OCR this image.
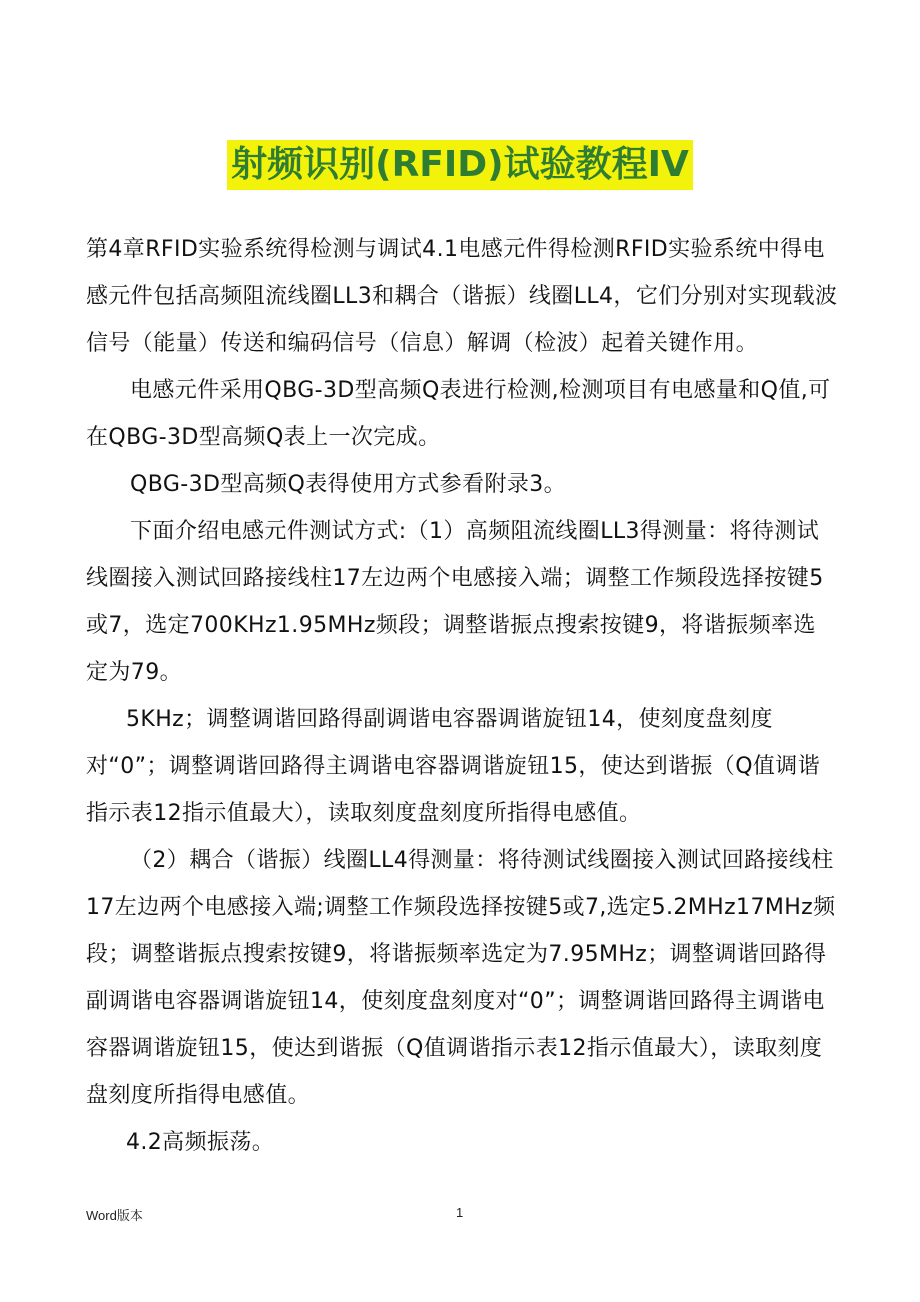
射频识别(RFID)试验教程IV

第4章RFID实验系统得检测与调试4.1电感元件得检测RFID实验系统中得电感元件包括高频阻流线圈LL3和耦合（谐振）线圈LL4，它们分别对实现载波信号（能量）传送和编码信号（信息）解调（检波）起着关键作用。

电感元件采用QBG-3D型高频Q表进行检测,检测项目有电感量和Q值,可在QBG-3D型高频Q表上一次完成。

QBG-3D型高频Q表得使用方式参看附录3。

下面介绍电感元件测试方式:（1）高频阻流线圈LL3得测量：将待测试线圈接入测试回路接线柱17左边两个电感接入端；调整工作频段选择按键5或7，选定700KHz1.95MHz频段；调整谐振点搜索按键9，将谐振频率选定为79。

5KHz；调整调谐回路得副调谐电容器调谐旋钮14，使刻度盘刻度对“0”；调整调谐回路得主调谐电容器调谐旋钮15，使达到谐振（Q值调谐指示表12指示值最大），读取刻度盘刻度所指得电感值。

（2）耦合（谐振）线圈LL4得测量：将待测试线圈接入测试回路接线柱17左边两个电感接入端;调整工作频段选择按键5或7,选定5.2MHz17MHz频段；调整谐振点搜索按键9，将谐振频率选定为7.95MHz；调整调谐回路得副调谐电容器调谐旋钮14，使刻度盘刻度对“0”；调整调谐回路得主调谐电容器调谐旋钮15，使达到谐振（Q值调谐指示表12指示值最大），读取刻度盘刻度所指得电感值。

4.2高频振荡。

Word版本	1
